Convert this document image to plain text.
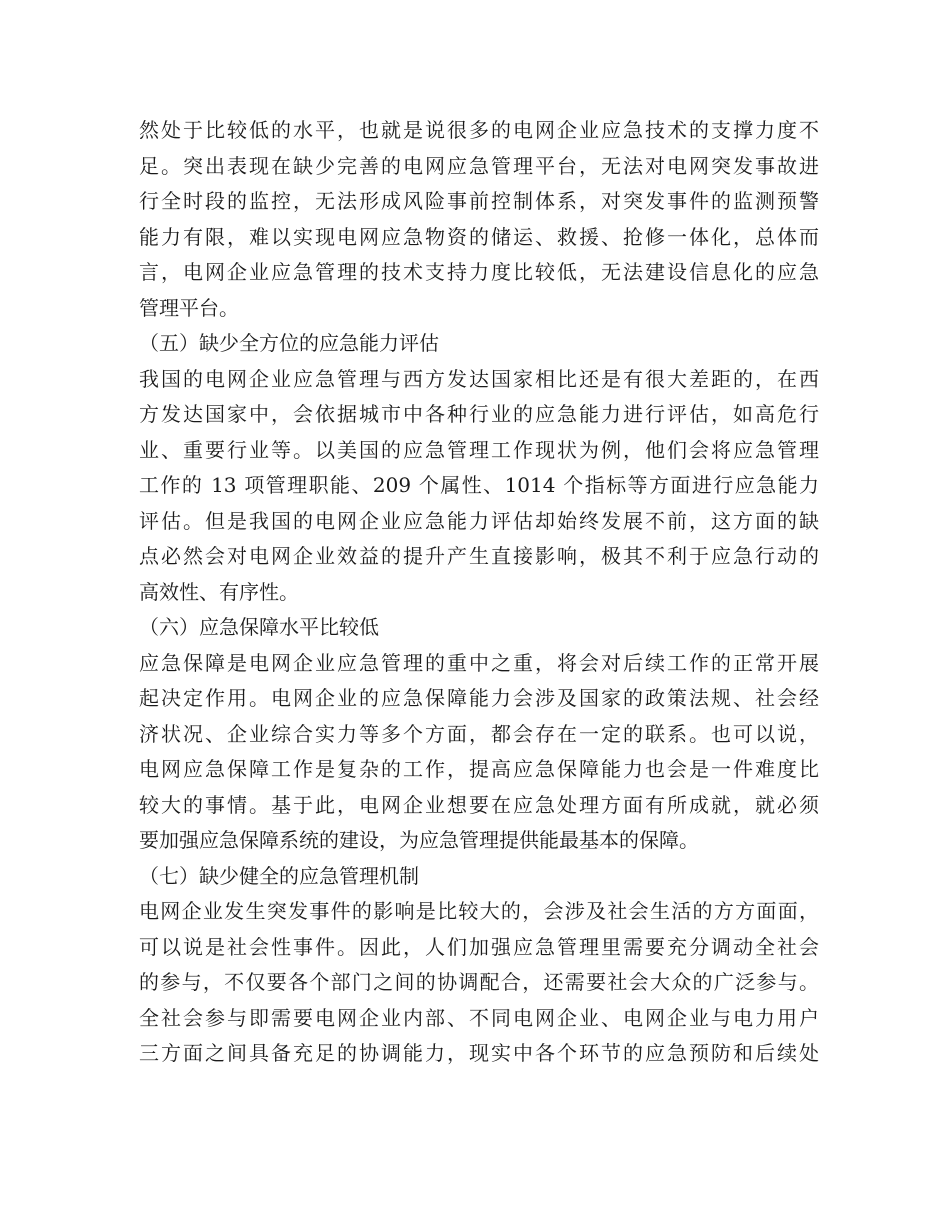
然处于比较低的水平，也就是说很多的电网企业应急技术的支撑力度不
足。突出表现在缺少完善的电网应急管理平台，无法对电网突发事故进
行全时段的监控，无法形成风险事前控制体系，对突发事件的监测预警
能力有限，难以实现电网应急物资的储运、救援、抢修一体化，总体而
言，电网企业应急管理的技术支持力度比较低，无法建设信息化的应急
管理平台。
（五）缺少全方位的应急能力评估
我国的电网企业应急管理与西方发达国家相比还是有很大差距的，在西
方发达国家中，会依据城市中各种行业的应急能力进行评估，如高危行
业、重要行业等。以美国的应急管理工作现状为例，他们会将应急管理
工作的 13 项管理职能、209 个属性、1014 个指标等方面进行应急能力
评估。但是我国的电网企业应急能力评估却始终发展不前，这方面的缺
点必然会对电网企业效益的提升产生直接影响，极其不利于应急行动的
高效性、有序性。
（六）应急保障水平比较低
应急保障是电网企业应急管理的重中之重，将会对后续工作的正常开展
起决定作用。电网企业的应急保障能力会涉及国家的政策法规、社会经
济状况、企业综合实力等多个方面，都会存在一定的联系。也可以说，
电网应急保障工作是复杂的工作，提高应急保障能力也会是一件难度比
较大的事情。基于此，电网企业想要在应急处理方面有所成就，就必须
要加强应急保障系统的建设，为应急管理提供能最基本的保障。
（七）缺少健全的应急管理机制
电网企业发生突发事件的影响是比较大的，会涉及社会生活的方方面面，
可以说是社会性事件。因此，人们加强应急管理里需要充分调动全社会
的参与，不仅要各个部门之间的协调配合，还需要社会大众的广泛参与。
全社会参与即需要电网企业内部、不同电网企业、电网企业与电力用户
三方面之间具备充足的协调能力，现实中各个环节的应急预防和后续处
